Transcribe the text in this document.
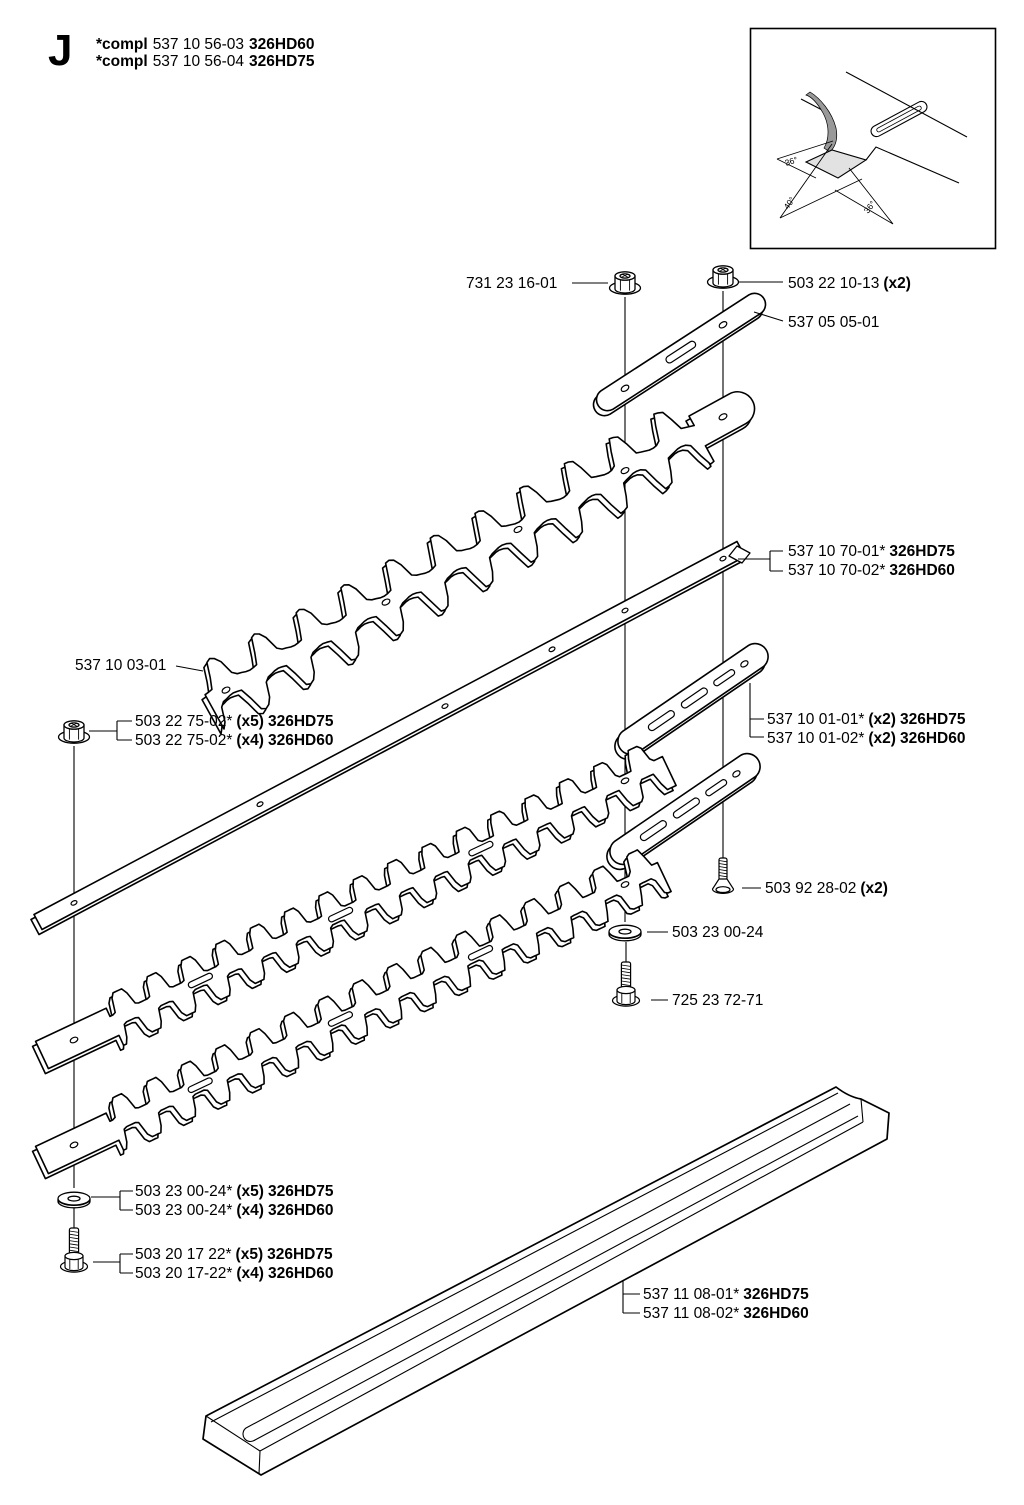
J *compl 537 10 56-03 326HD60
*compl 537 10 56-04 326HD75
36°
40°	36°
731 23 16-01	503 22 10-13 (x2)
537 05 05-01
537 10 70-01* 326HD75
537 10 70-02* 326HD60
537 10 03-01
503 22 75-02* (x5) 326HD75
503 22 75-02* (x4) 326HD60
537 10 01-01* (x2) 326HD75
537 10 01-02* (x2) 326HD60
503 92 28-02 (x2)
503 23 00-24
725 23 72-71
503 23 00-24* (x5) 326HD75
503 23 00-24* (x4) 326HD60
503 20 17 22* (x5) 326HD75
503 20 17-22* (x4) 326HD60
537 11 08-01* 326HD75
537 11 08-02* 326HD60
